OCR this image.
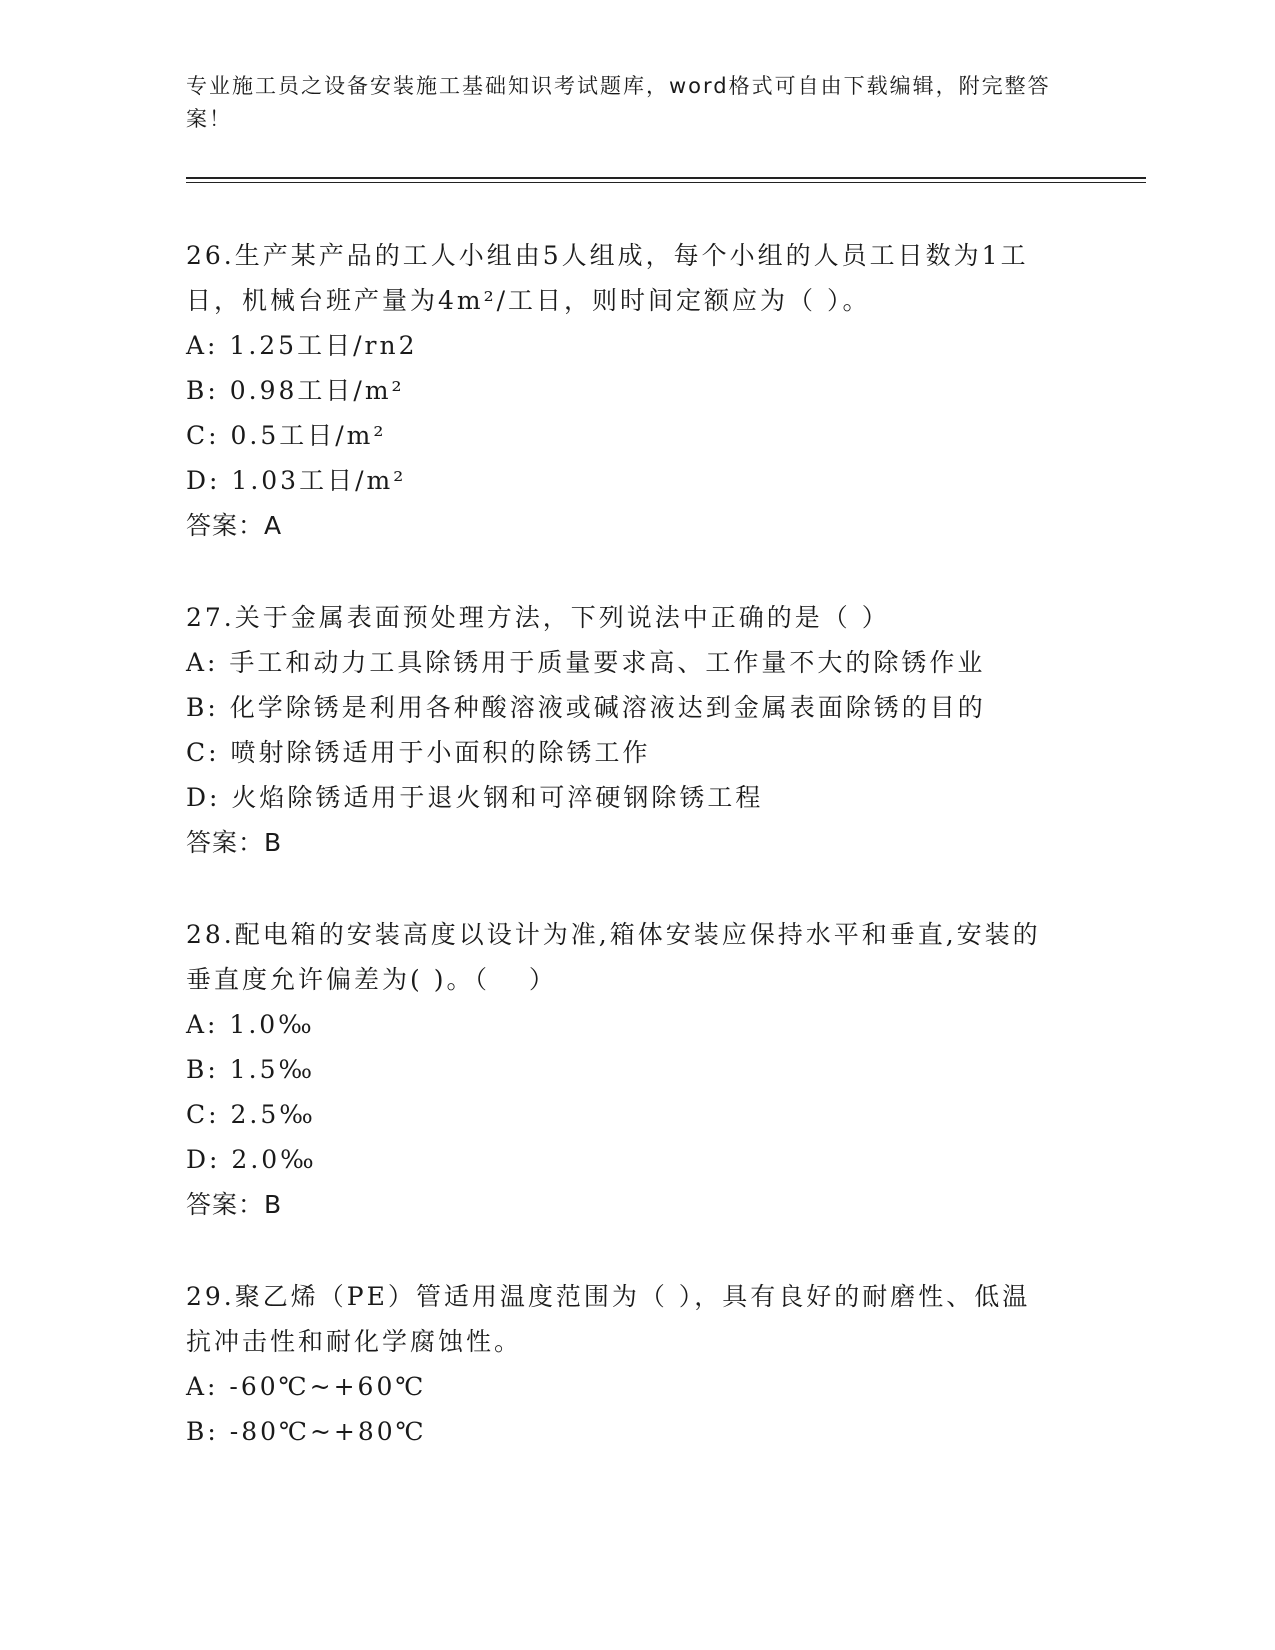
专业施工员之设备安装施工基础知识考试题库，word格式可自由下载编辑，附完整答案！

26.生产某产品的工人小组由5人组成，每个小组的人员工日数为1工

日，机械台班产量为4m²/工日，则时间定额应为（ ）。

A: 1.25工日/rn2

B: 0.98工日/m²

C: 0.5工日/m²

D: 1.03工日/m²

答案：A

27.关于金属表面预处理方法，下列说法中正确的是（ ）

A: 手工和动力工具除锈用于质量要求高、工作量不大的除锈作业

B: 化学除锈是利用各种酸溶液或碱溶液达到金属表面除锈的目的

C: 喷射除锈适用于小面积的除锈工作

D: 火焰除锈适用于退火钢和可淬硬钢除锈工程

答案：B

28.配电箱的安装高度以设计为准,箱体安装应保持水平和垂直,安装的

垂直度允许偏差为( )。（　 ）

A: 1.0‰

B: 1.5‰

C: 2.5‰

D: 2.0‰

答案：B

29.聚乙烯（PE）管适用温度范围为（ ），具有良好的耐磨性、低温

抗冲击性和耐化学腐蚀性。

A: -60℃~+60℃

B: -80℃~+80℃
